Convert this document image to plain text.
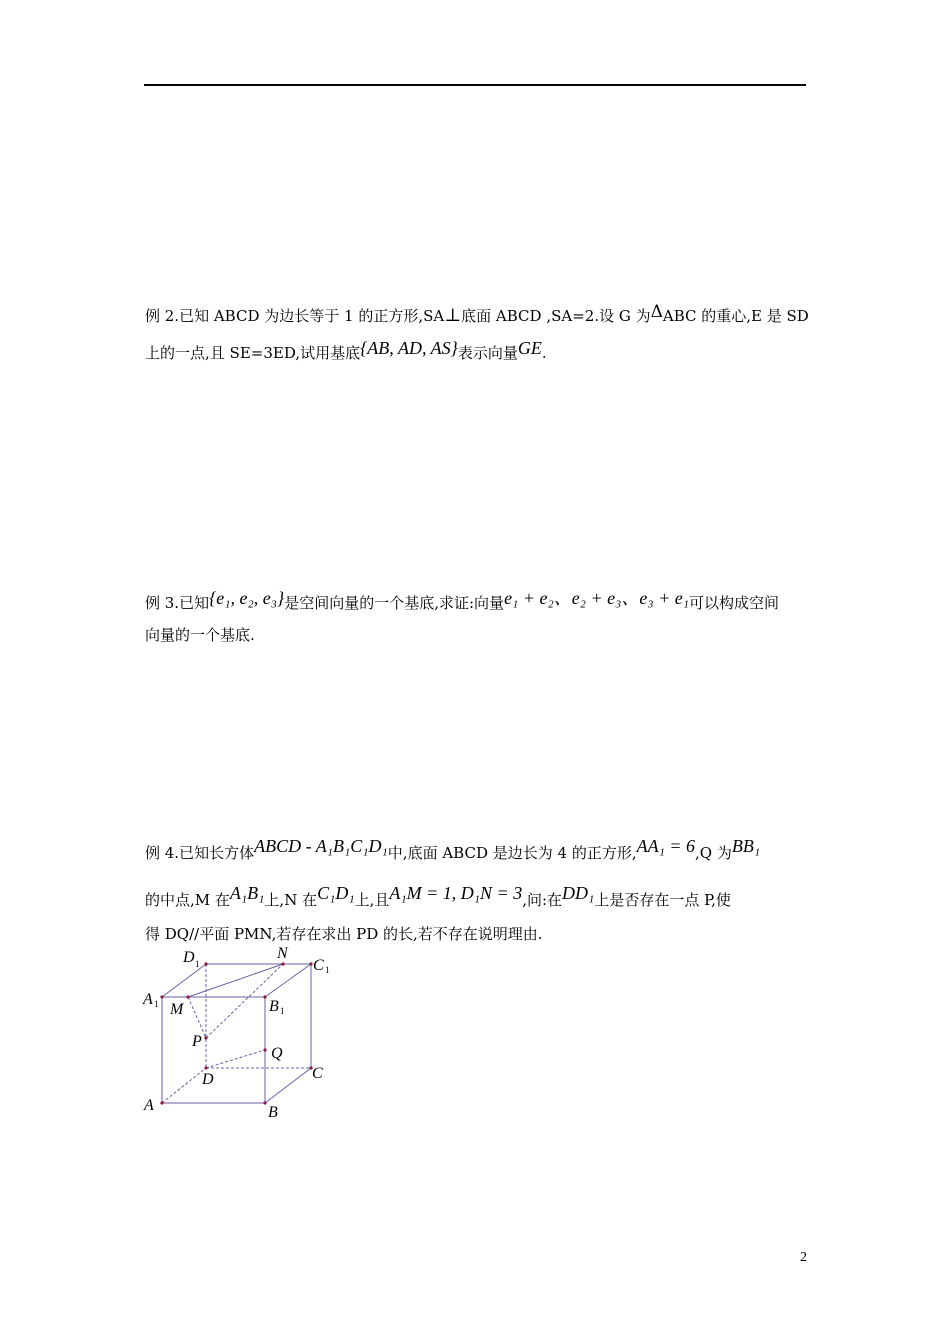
例 2.已知 ABCD 为边长等于 1 的正方形,SA⊥底面 ABCD ,SA=2.设 G 为ΔABC 的重心,E 是 SD
上的一点,且 SE=3ED,试用基底{AB, AD, AS}表示向量GE.
例 3.已知{e₁, e₂, e₃}是空间向量的一个基底,求证:向量e₁ + e₂、e₂ + e₃、e₃ + e₁可以构成空间
向量的一个基底.
例 4.已知长方体ABCD - A₁B₁C₁D₁中,底面 ABCD 是边长为 4 的正方形,AA₁ = 6,Q 为BB₁
的中点,M 在A₁B₁上,N 在C₁D₁上,且A₁M = 1, D₁N = 3,问:在DD₁上是否存在一点 P,使
得 DQ//平面 PMN,若存在求出 PD 的长,若不存在说明理由.
D 1
N
C 1
A 1 M	B 1
P
Q
D	C
A	B
2
